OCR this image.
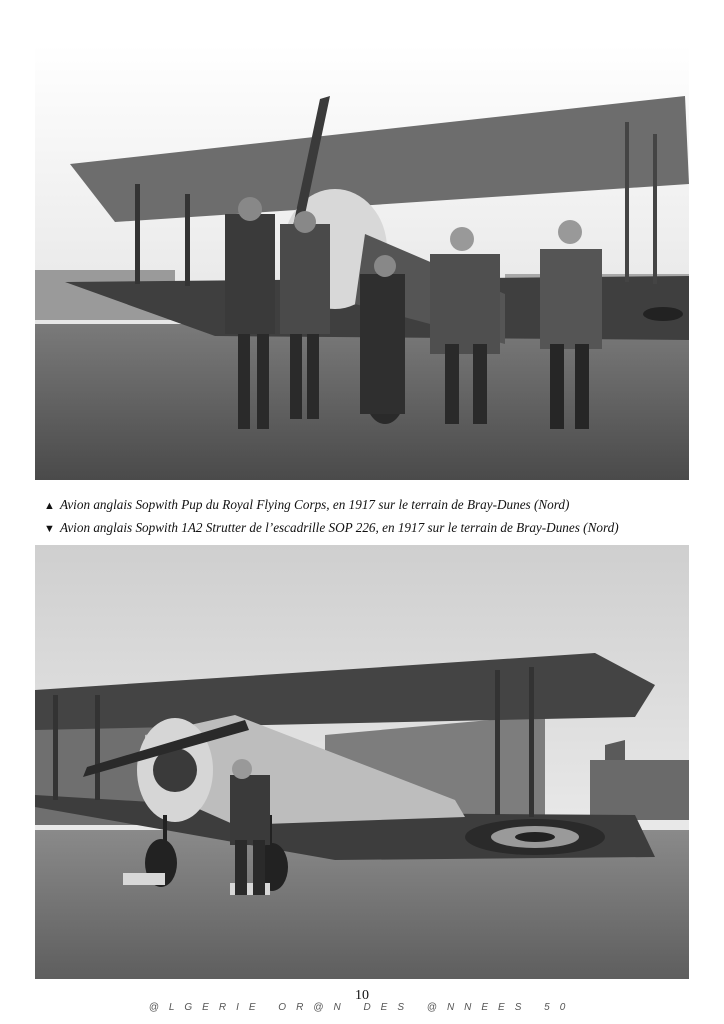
▲ Avion anglais Sopwith Pup du Royal Flying Corps, en 1917 sur le terrain de Bray-Dunes (Nord)
▼ Avion anglais Sopwith 1A2 Strutter de l’escadrille SOP 226, en 1917 sur le terrain de Bray-Dunes (Nord)
10
@LGERIE OR@N DES @NNEES 50
